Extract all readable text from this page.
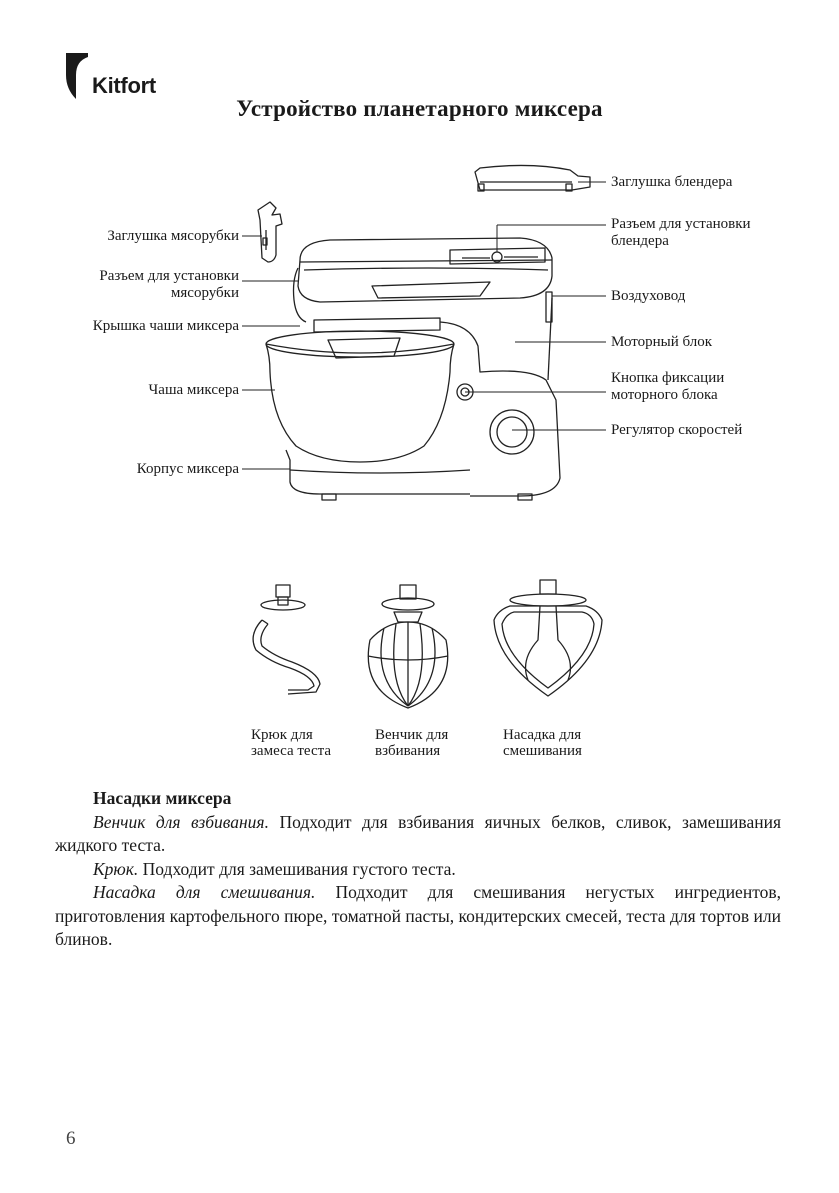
Kitfort
Устройство планетарного миксера
Заглушка блендера
Разъем для установки
блендера
Воздуховод
Моторный блок
Кнопка фиксации
моторного блока
Регулятор скоростей
Заглушка мясорубки
Разъем для установки
мясорубки
Крышка чаши миксера
Чаша миксера
Корпус миксера
Крюк для
замеса теста
Венчик для
взбивания
Насадка для
смешивания
Насадки миксера

Венчик для взбивания. Подходит для взбивания яичных белков, сливок, замешивания жидкого теста.

Крюк. Подходит для замешивания густого теста.

Насадка для смешивания. Подходит для смешивания негустых ингредиентов, приготовления картофельного пюре, томатной пасты, кондитерских смесей, теста для тортов или блинов.

6
